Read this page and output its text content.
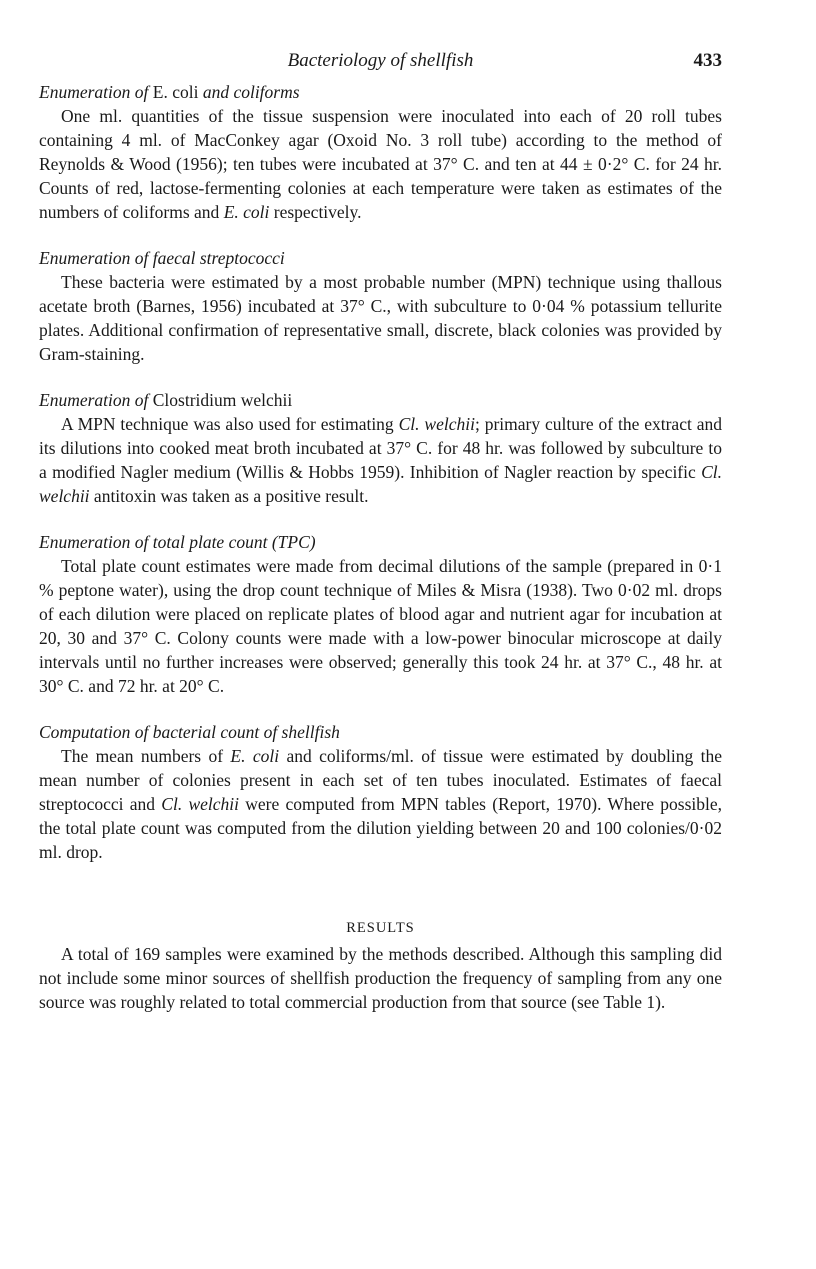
Bacteriology of shellfish	433

Enumeration of E. coli and coliforms

One ml. quantities of the tissue suspension were inoculated into each of 20 roll tubes containing 4 ml. of MacConkey agar (Oxoid No. 3 roll tube) according to the method of Reynolds & Wood (1956); ten tubes were incubated at 37° C. and ten at 44 ± 0·2° C. for 24 hr. Counts of red, lactose-fermenting colonies at each temperature were taken as estimates of the numbers of coliforms and E. coli respectively.

Enumeration of faecal streptococci

These bacteria were estimated by a most probable number (MPN) technique using thallous acetate broth (Barnes, 1956) incubated at 37° C., with subculture to 0·04 % potassium tellurite plates. Additional confirmation of representative small, discrete, black colonies was provided by Gram-staining.

Enumeration of Clostridium welchii

A MPN technique was also used for estimating Cl. welchii; primary culture of the extract and its dilutions into cooked meat broth incubated at 37° C. for 48 hr. was followed by subculture to a modified Nagler medium (Willis & Hobbs 1959). Inhibition of Nagler reaction by specific Cl. welchii antitoxin was taken as a positive result.

Enumeration of total plate count (TPC)

Total plate count estimates were made from decimal dilutions of the sample (prepared in 0·1 % peptone water), using the drop count technique of Miles & Misra (1938). Two 0·02 ml. drops of each dilution were placed on replicate plates of blood agar and nutrient agar for incubation at 20, 30 and 37° C. Colony counts were made with a low-power binocular microscope at daily intervals until no further increases were observed; generally this took 24 hr. at 37° C., 48 hr. at 30° C. and 72 hr. at 20° C.

Computation of bacterial count of shellfish

The mean numbers of E. coli and coliforms/ml. of tissue were estimated by doubling the mean number of colonies present in each set of ten tubes inoculated. Estimates of faecal streptococci and Cl. welchii were computed from MPN tables (Report, 1970). Where possible, the total plate count was computed from the dilution yielding between 20 and 100 colonies/0·02 ml. drop.

RESULTS

A total of 169 samples were examined by the methods described. Although this sampling did not include some minor sources of shellfish production the frequency of sampling from any one source was roughly related to total commercial production from that source (see Table 1).
